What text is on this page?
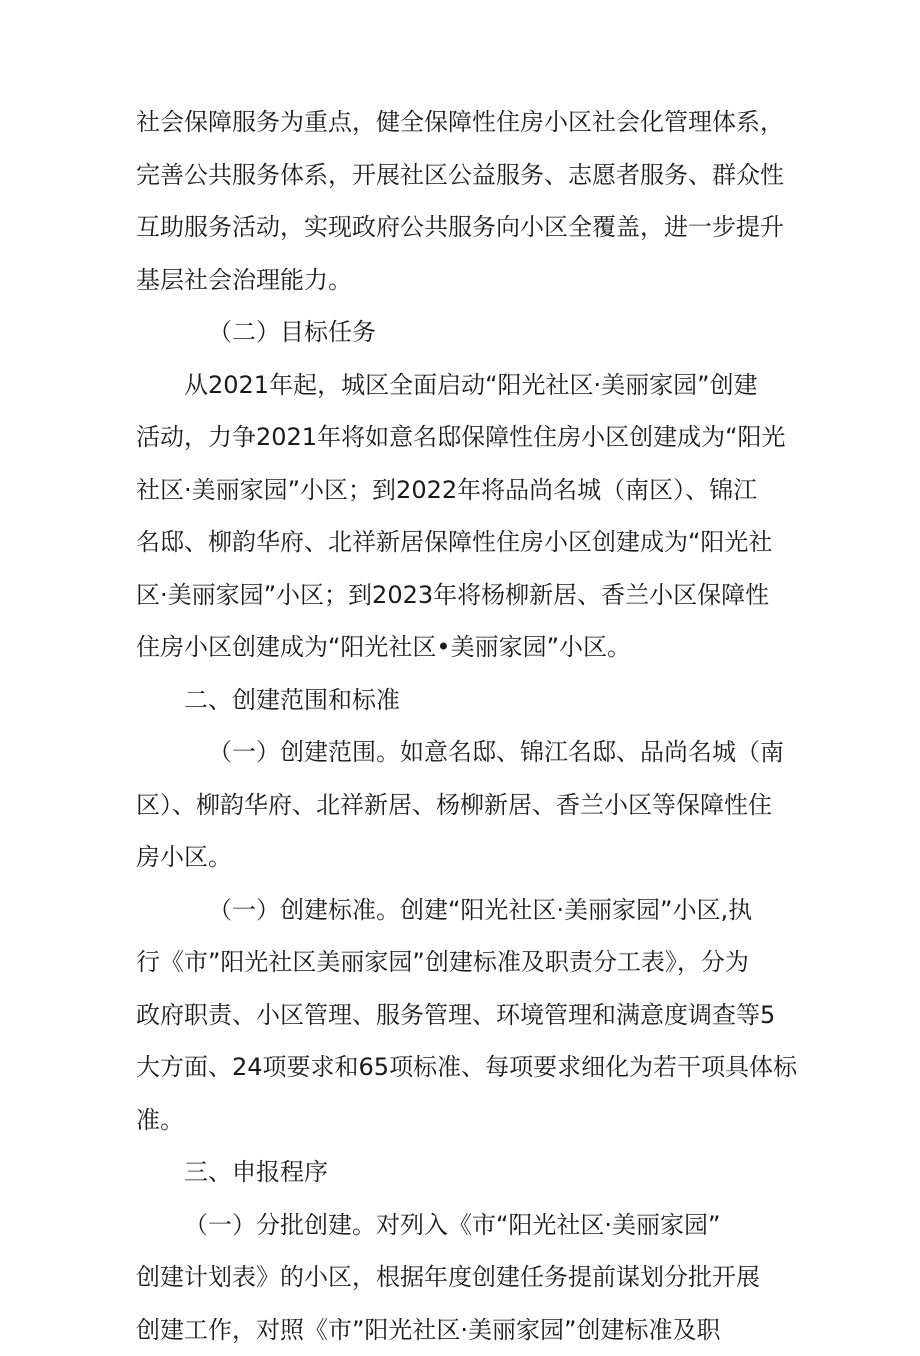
社会保障服务为重点，健全保障性住房小区社会化管理体系，
完善公共服务体系，开展社区公益服务、志愿者服务、群众性
互助服务活动，实现政府公共服务向小区全覆盖，进一步提升
基层社会治理能力。
（二）目标任务
从2021年起，城区全面启动“阳光社区·美丽家园”创建
活动，力争2021年将如意名邸保障性住房小区创建成为“阳光
社区·美丽家园”小区；到2022年将品尚名城（南区）、锦江
名邸、柳韵华府、北祥新居保障性住房小区创建成为“阳光社
区·美丽家园”小区；到2023年将杨柳新居、香兰小区保障性
住房小区创建成为“阳光社区•美丽家园”小区。
二、创建范围和标准
（一）创建范围。如意名邸、锦江名邸、品尚名城（南
区）、柳韵华府、北祥新居、杨柳新居、香兰小区等保障性住
房小区。
（一）创建标准。创建“阳光社区·美丽家园”小区,执
行《市”阳光社区美丽家园”创建标准及职责分工表》，分为
政府职责、小区管理、服务管理、环境管理和满意度调查等5
大方面、24项要求和65项标准、每项要求细化为若干项具体标
准。
三、申报程序
（一）分批创建。对列入《市“阳光社区·美丽家园”
创建计划表》的小区，根据年度创建任务提前谋划分批开展
创建工作，对照《市”阳光社区·美丽家园”创建标准及职
